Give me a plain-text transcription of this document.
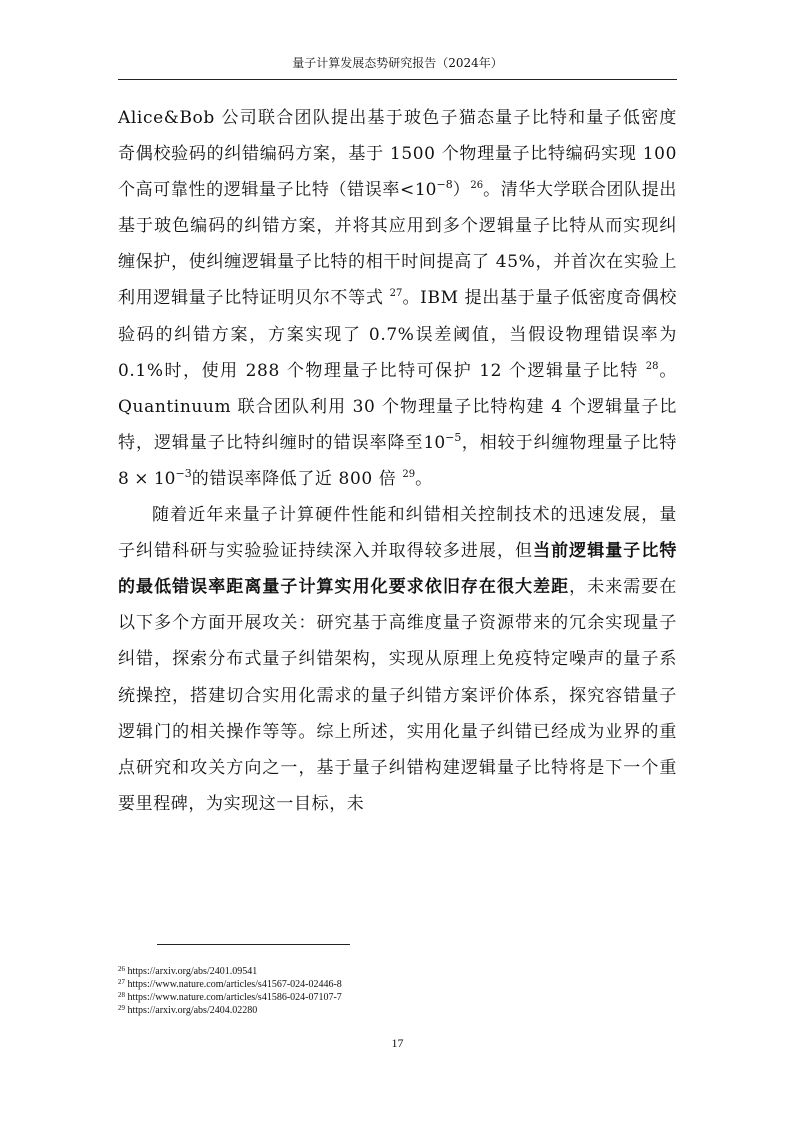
量子计算发展态势研究报告（2024年）

Alice&Bob 公司联合团队提出基于玻色子猫态量子比特和量子低密度奇偶校验码的纠错编码方案，基于 1500 个物理量子比特编码实现 100 个高可靠性的逻辑量子比特（错误率$<10^{-8})^{26}$。清华大学联合团队提出基于玻色编码的纠错方案，并将其应用到多个逻辑量子比特从而实现纠缠保护，使纠缠逻辑量子比特的相干时间提高了 45%，并首次在实验上利用逻辑量子比特证明贝尔不等式 $^{27}$。IBM 提出基于量子低密度奇偶校验码的纠错方案，方案实现了 0.7%误差阈值，当假设物理错误率为 0.1%时，使用 288 个物理量子比特可保护 12 个逻辑量子比特 $^{28}$。Quantinuum 联合团队利用 30 个物理量子比特构建 4 个逻辑量子比特，逻辑量子比特纠缠时的错误率降至$10^{-5}$，相较于纠缠物理量子比特$8 \times 10^{-3}$的错误率降低了近 800 倍 $^{29}$。

随着近年来量子计算硬件性能和纠错相关控制技术的迅速发展，量子纠错科研与实验验证持续深入并取得较多进展，但当前逻辑量子比特的最低错误率距离量子计算实用化要求依旧存在很大差距，未来需要在以下多个方面开展攻关：研究基于高维度量子资源带来的冗余实现量子纠错，探索分布式量子纠错架构，实现从原理上免疫特定噪声的量子系统操控，搭建切合实用化需求的量子纠错方案评价体系，探究容错量子逻辑门的相关操作等等。综上所述，实用化量子纠错已经成为业界的重点研究和攻关方向之一，基于量子纠错构建逻辑量子比特将是下一个重要里程碑，为实现这一目标，未

$^{26}$ https://arxiv.org/abs/2401.09541
$^{27}$ https://www.nature.com/articles/s41567-024-02446-8
$^{28}$ https://www.nature.com/articles/s41586-024-07107-7
$^{29}$ https://arxiv.org/abs/2404.02280
17
